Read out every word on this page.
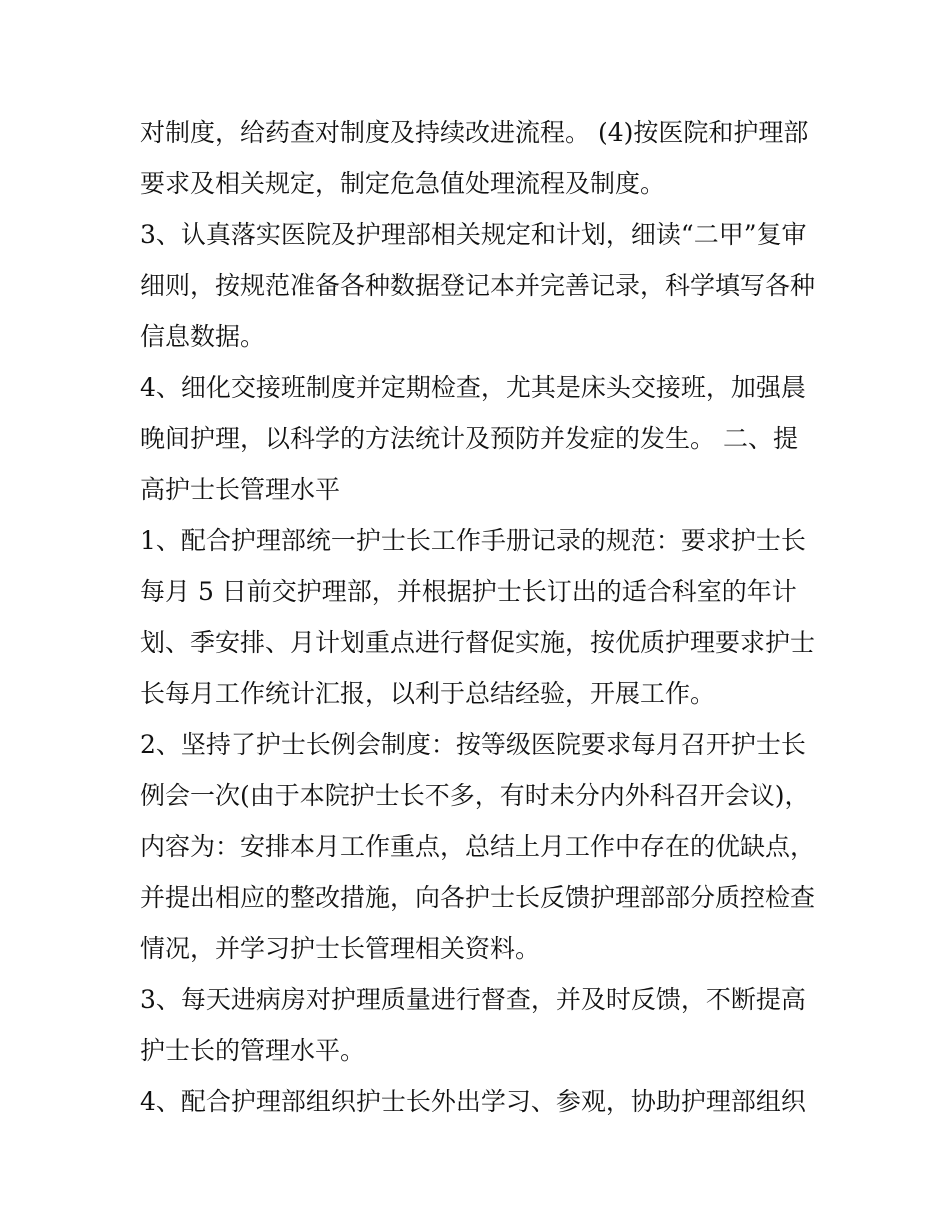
对制度，给药查对制度及持续改进流程。 (4)按医院和护理部
要求及相关规定，制定危急值处理流程及制度。
3、认真落实医院及护理部相关规定和计划，细读“二甲”复审
细则，按规范准备各种数据登记本并完善记录，科学填写各种
信息数据。
4、细化交接班制度并定期检查，尤其是床头交接班，加强晨
晚间护理，以科学的方法统计及预防并发症的发生。 二、提
高护士长管理水平
1、配合护理部统一护士长工作手册记录的规范：要求护士长
每月 5 日前交护理部，并根据护士长订出的适合科室的年计
划、季安排、月计划重点进行督促实施，按优质护理要求护士
长每月工作统计汇报，以利于总结经验，开展工作。
2、坚持了护士长例会制度：按等级医院要求每月召开护士长
例会一次(由于本院护士长不多，有时未分内外科召开会议)，
内容为：安排本月工作重点，总结上月工作中存在的优缺点，
并提出相应的整改措施，向各护士长反馈护理部部分质控检查
情况，并学习护士长管理相关资料。
3、每天进病房对护理质量进行督查，并及时反馈，不断提高
护士长的管理水平。
4、配合护理部组织护士长外出学习、参观，协助护理部组织
